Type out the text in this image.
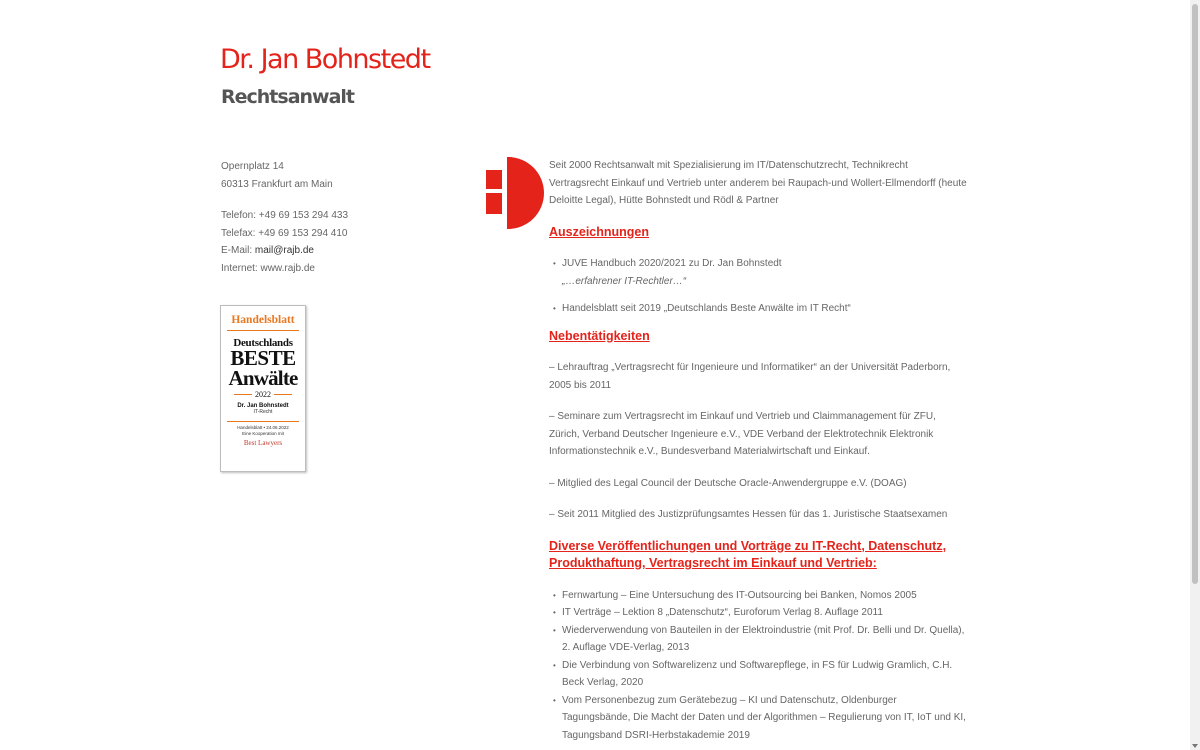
Dr. Jan Bohnstedt
Rechtsanwalt
Opernplatz 14
60313 Frankfurt am Main
Telefon: +49 69 153 294 433
Telefax: +49 69 153 294 410
E-Mail: mail@rajb.de
Internet: www.rajb.de
Handelsblatt
Deutschlands
BESTE
Anwälte
2022
Dr. Jan Bohnstedt
IT-Recht
Handelsblatt • 24.06.2022
Eine Kooperation mit
Best Lawyers

Seit 2000 Rechtsanwalt mit Spezialisierung im IT/Datenschutzrecht, Technikrecht Vertragsrecht Einkauf und Vertrieb unter anderem bei Raupach-und Wollert-Ellmendorff (heute Deloitte Legal), Hütte Bohnstedt und Rödl & Partner

Auszeichnungen
• JUVE Handbuch 2020/2021 zu Dr. Jan Bohnstedt
„…erfahrener IT-Rechtler…“
• Handelsblatt seit 2019 „Deutschlands Beste Anwälte im IT Recht“
Nebentätigkeiten

– Lehrauftrag „Vertragsrecht für Ingenieure und Informatiker“ an der Universität Paderborn, 2005 bis 2011

– Seminare zum Vertragsrecht im Einkauf und Vertrieb und Claimmanagement für ZFU, Zürich, Verband Deutscher Ingenieure e.V., VDE Verband der Elektrotechnik Elektronik Informationstechnik e.V., Bundesverband Materialwirtschaft und Einkauf.

– Mitglied des Legal Council der Deutsche Oracle-Anwendergruppe e.V. (DOAG)

– Seit 2011 Mitglied des Justizprüfungsamtes Hessen für das 1. Juristische Staatsexamen

Diverse Veröffentlichungen und Vorträge zu IT-Recht, Datenschutz, Produkthaftung, Vertragsrecht im Einkauf und Vertrieb:
• Fernwartung – Eine Untersuchung des IT-Outsourcing bei Banken, Nomos 2005
• IT Verträge – Lektion 8 „Datenschutz“, Euroforum Verlag 8. Auflage 2011
• Wiederverwendung von Bauteilen in der Elektroindustrie (mit Prof. Dr. Belli und Dr. Quella), 2. Auflage VDE-Verlag, 2013
• Die Verbindung von Softwarelizenz und Softwarepflege, in FS für Ludwig Gramlich, C.H. Beck Verlag, 2020
• Vom Personenbezug zum Gerätebezug – KI und Datenschutz, Oldenburger Tagungsbände, Die Macht der Daten und der Algorithmen – Regulierung von IT, IoT und KI, Tagungsband DSRI-Herbstakademie 2019
